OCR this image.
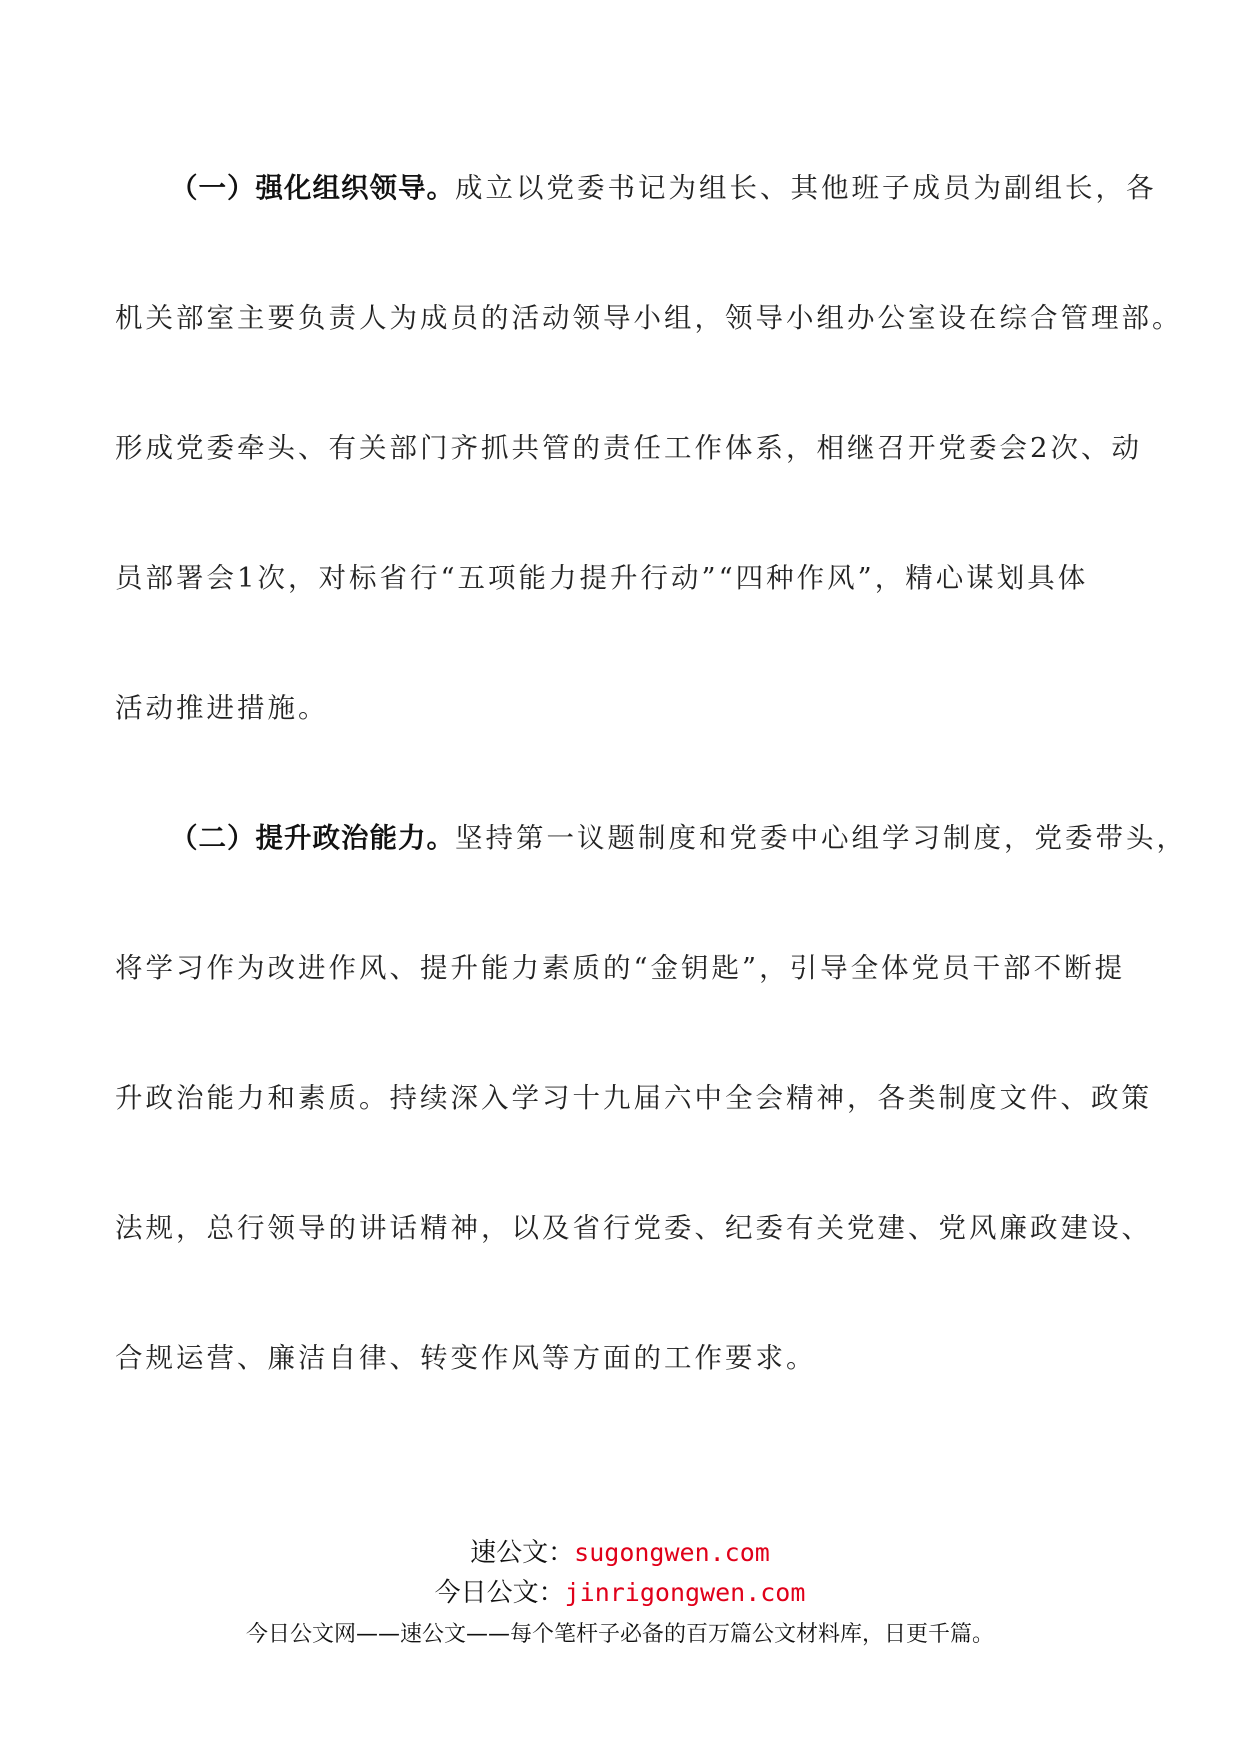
（一）强化组织领导。成立以党委书记为组长、其他班子成员为副组长，各
机关部室主要负责人为成员的活动领导小组，领导小组办公室设在综合管理部。
形成党委牵头、有关部门齐抓共管的责任工作体系，相继召开党委会2次、动
员部署会1次，对标省行“五项能力提升行动”“四种作风”，精心谋划具体
活动推进措施。
（二）提升政治能力。坚持第一议题制度和党委中心组学习制度，党委带头，
将学习作为改进作风、提升能力素质的“金钥匙”，引导全体党员干部不断提
升政治能力和素质。持续深入学习十九届六中全会精神，各类制度文件、政策
法规，总行领导的讲话精神，以及省行党委、纪委有关党建、党风廉政建设、
合规运营、廉洁自律、转变作风等方面的工作要求。
速公文：sugongwen.com
今日公文：jinrigongwen.com
今日公文网——速公文——每个笔杆子必备的百万篇公文材料库，日更千篇。
